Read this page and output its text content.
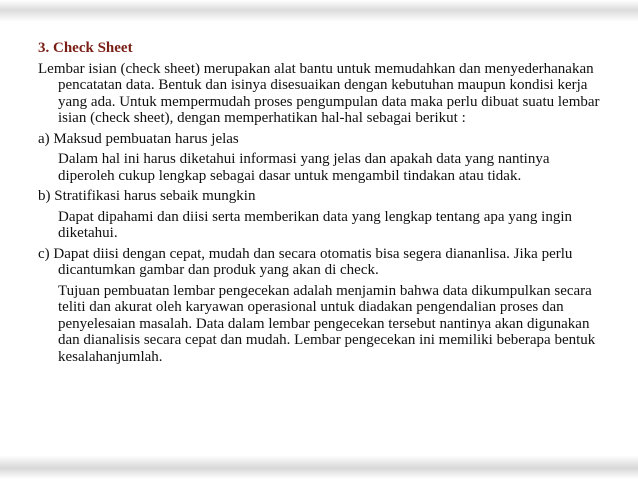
3. Check Sheet

Lembar isian (check sheet) merupakan alat bantu untuk memudahkan dan menyederhanakan pencatatan data. Bentuk dan isinya disesuaikan dengan kebutuhan maupun kondisi kerja yang ada. Untuk mempermudah proses pengumpulan data maka perlu dibuat suatu lembar isian (check sheet), dengan memperhatikan hal-hal sebagai berikut :

a) Maksud pembuatan harus jelas

Dalam hal ini harus diketahui informasi yang jelas dan apakah data yang nantinya diperoleh cukup lengkap sebagai dasar untuk mengambil tindakan atau tidak.

b) Stratifikasi harus sebaik mungkin

Dapat dipahami dan diisi serta memberikan data yang lengkap tentang apa yang ingin diketahui.

c) Dapat diisi dengan cepat, mudah dan secara otomatis bisa segera diananlisa. Jika perlu dicantumkan gambar dan produk yang akan di check.

Tujuan pembuatan lembar pengecekan adalah menjamin bahwa data dikumpulkan secara teliti dan akurat oleh karyawan operasional untuk diadakan pengendalian proses dan penyelesaian masalah. Data dalam lembar pengecekan tersebut nantinya akan digunakan dan dianalisis secara cepat dan mudah. Lembar pengecekan ini memiliki beberapa bentuk kesalahanjumlah.
